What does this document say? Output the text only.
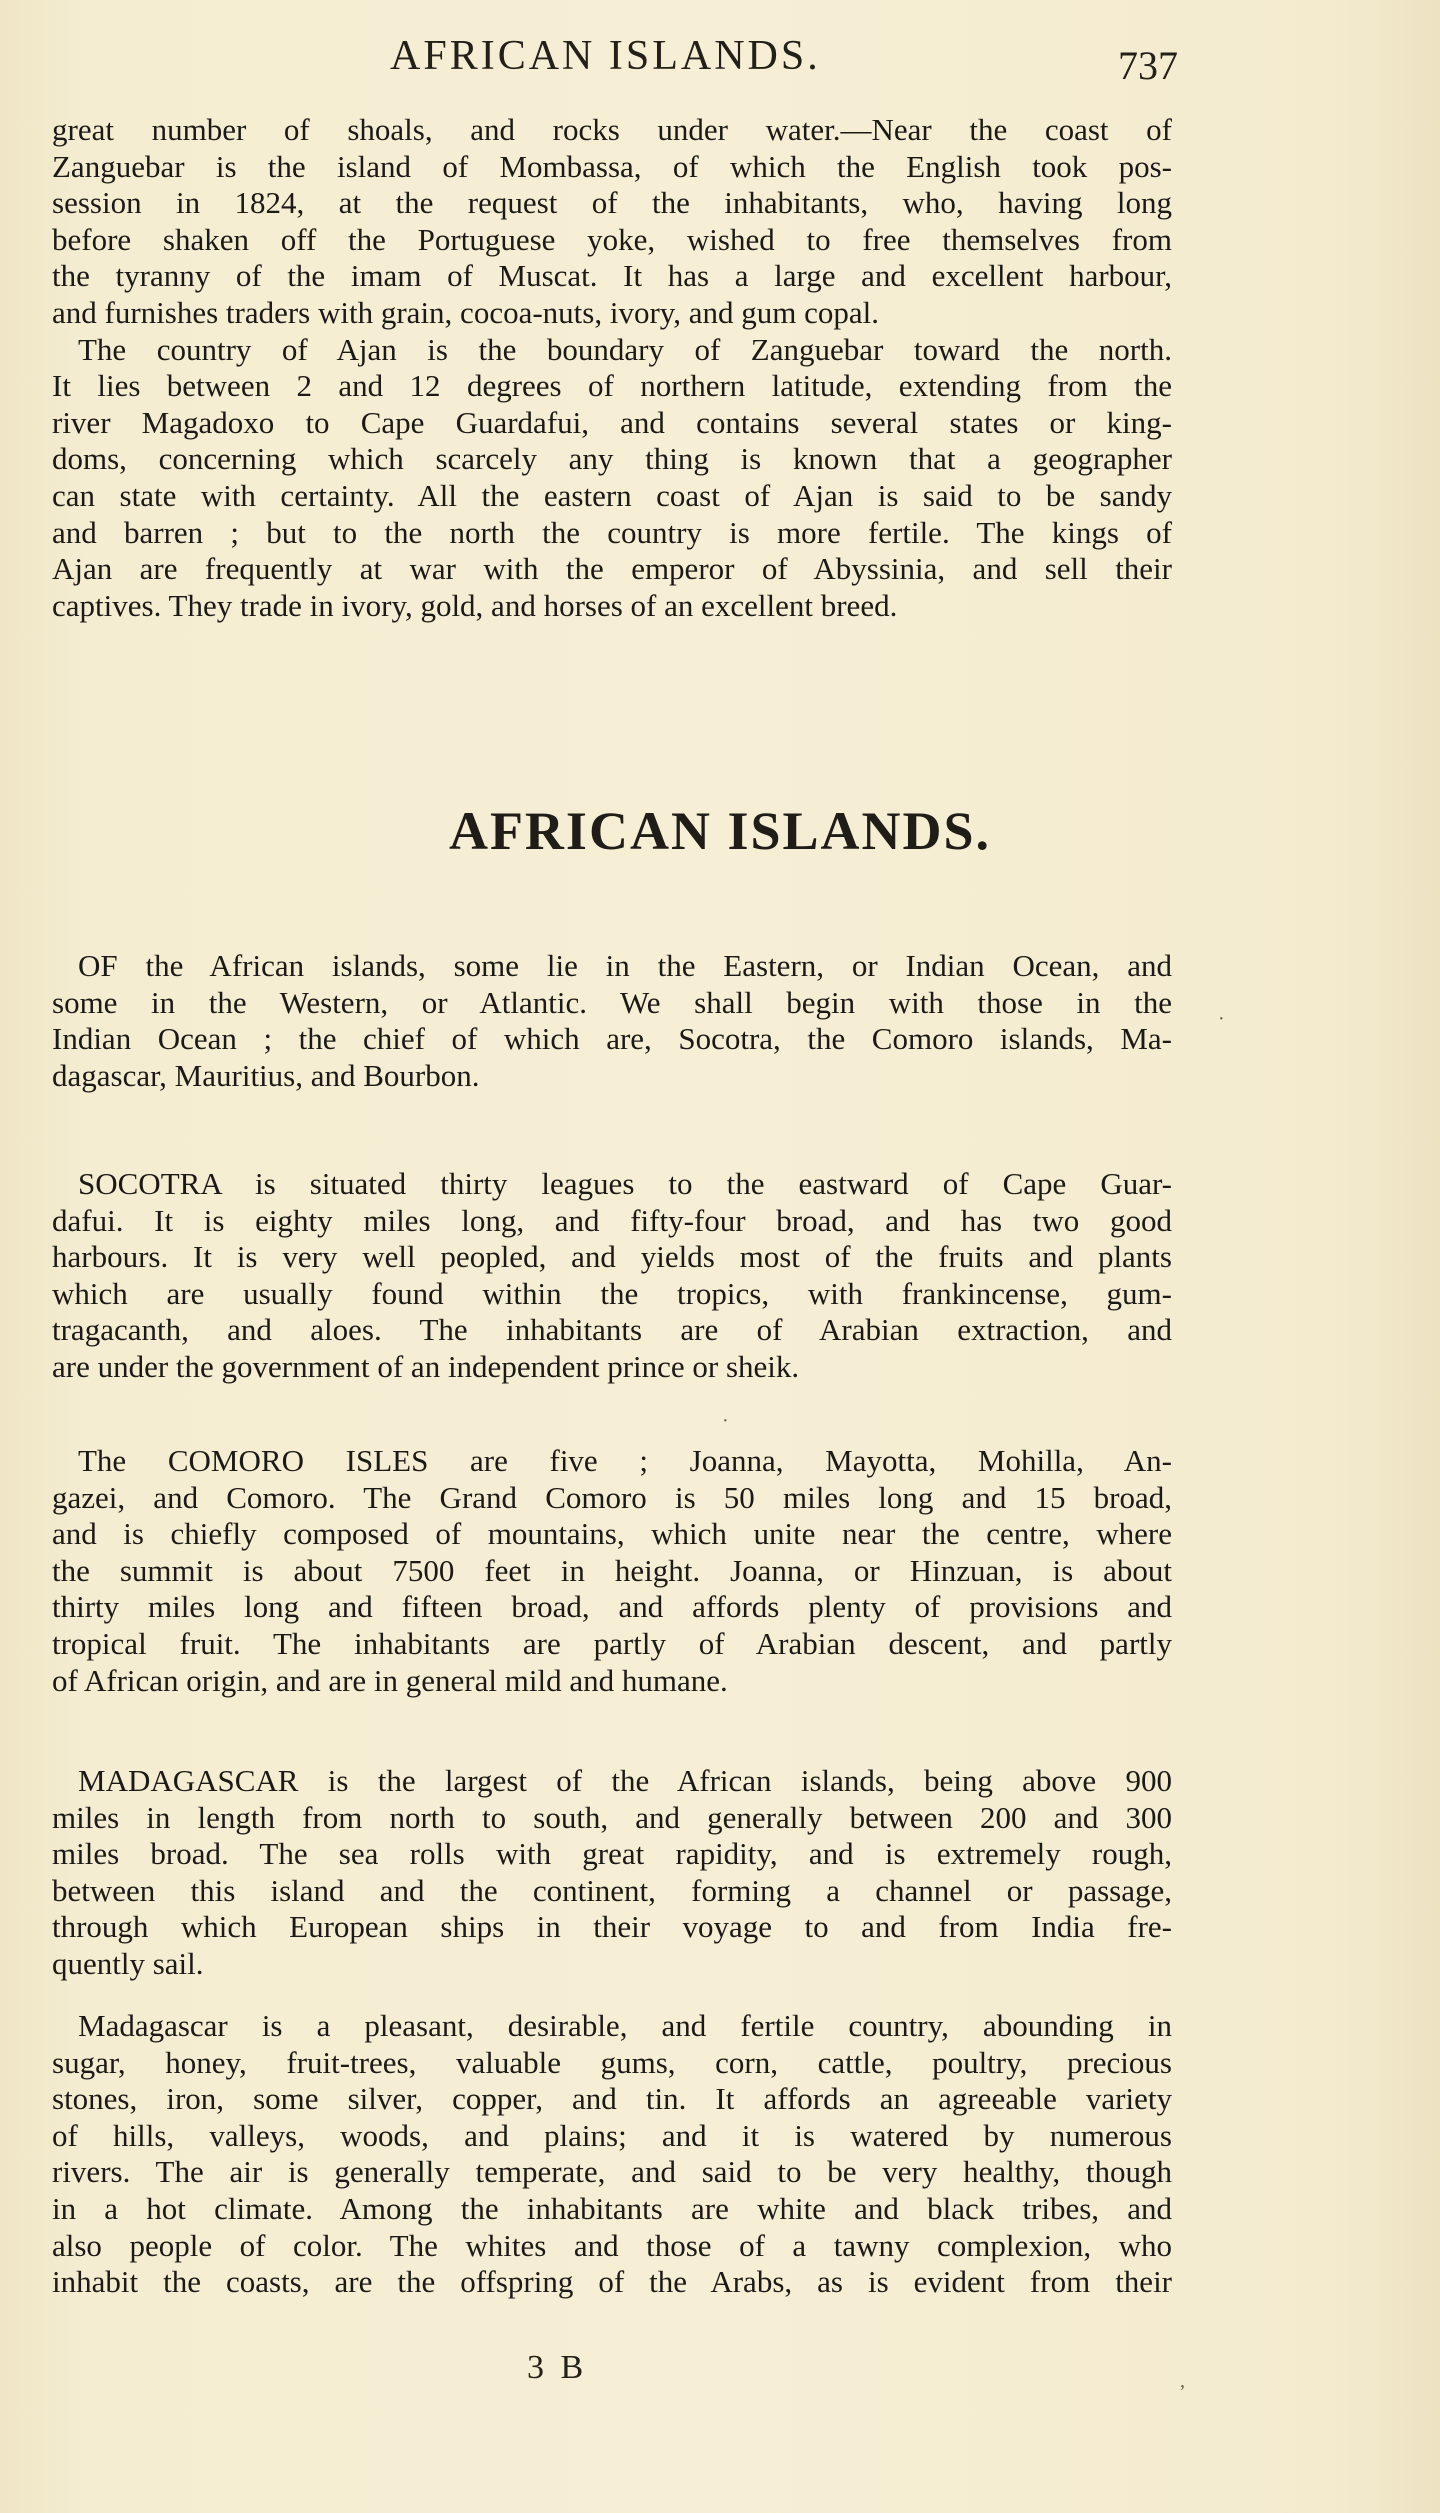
AFRICAN ISLANDS.	737
great number of shoals, and rocks under water.—Near the coast of
Zanguebar is the island of Mombassa, of which the English took pos-
session in 1824, at the request of the inhabitants, who, having long
before shaken off the Portuguese yoke, wished to free themselves from
the tyranny of the imam of Muscat. It has a large and excellent harbour,
and furnishes traders with grain, cocoa-nuts, ivory, and gum copal.
The country of Ajan is the boundary of Zanguebar toward the north.
It lies between 2 and 12 degrees of northern latitude, extending from the
river Magadoxo to Cape Guardafui, and contains several states or king-
doms, concerning which scarcely any thing is known that a geographer
can state with certainty. All the eastern coast of Ajan is said to be sandy
and barren ; but to the north the country is more fertile. The kings of
Ajan are frequently at war with the emperor of Abyssinia, and sell their
captives. They trade in ivory, gold, and horses of an excellent breed.
AFRICAN ISLANDS.
OF the African islands, some lie in the Eastern, or Indian Ocean, and
some in the Western, or Atlantic. We shall begin with those in the
Indian Ocean ; the chief of which are, Socotra, the Comoro islands, Ma-
dagascar, Mauritius, and Bourbon.
SOCOTRA is situated thirty leagues to the eastward of Cape Guar-
dafui. It is eighty miles long, and fifty-four broad, and has two good
harbours. It is very well peopled, and yields most of the fruits and plants
which are usually found within the tropics, with frankincense, gum-
tragacanth, and aloes. The inhabitants are of Arabian extraction, and
are under the government of an independent prince or sheik.
The COMORO ISLES are five ; Joanna, Mayotta, Mohilla, An-
gazei, and Comoro. The Grand Comoro is 50 miles long and 15 broad,
and is chiefly composed of mountains, which unite near the centre, where
the summit is about 7500 feet in height. Joanna, or Hinzuan, is about
thirty miles long and fifteen broad, and affords plenty of provisions and
tropical fruit. The inhabitants are partly of Arabian descent, and partly
of African origin, and are in general mild and humane.
MADAGASCAR is the largest of the African islands, being above 900
miles in length from north to south, and generally between 200 and 300
miles broad. The sea rolls with great rapidity, and is extremely rough,
between this island and the continent, forming a channel or passage,
through which European ships in their voyage to and from India fre-
quently sail.
Madagascar is a pleasant, desirable, and fertile country, abounding in
sugar, honey, fruit-trees, valuable gums, corn, cattle, poultry, precious
stones, iron, some silver, copper, and tin. It affords an agreeable variety
of hills, valleys, woods, and plains; and it is watered by numerous
rivers. The air is generally temperate, and said to be very healthy, though
in a hot climate. Among the inhabitants are white and black tribes, and
also people of color. The whites and those of a tawny complexion, who
inhabit the coasts, are the offspring of the Arabs, as is evident from their
3 B
·
·
,
